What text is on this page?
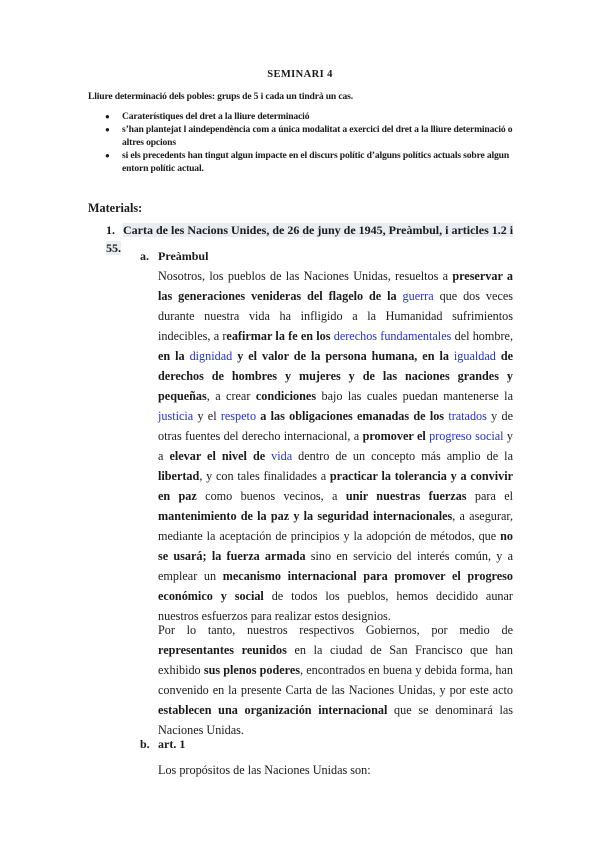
SEMINARI 4
Lliure determinació dels pobles: grups de 5 i cada un tindrà un cas.
● Caraterístiques del dret a la lliure determinació
● s’han plantejat l aindependència com a única modalitat a exercici del dret a la lliure determinació o altres opcions
● si els precedents han tingut algun impacte en el discurs polític d’alguns polítics actuals sobre algun entorn polític actual.
Materials:
1. Carta de les Nacions Unides, de 26 de juny de 1945, Preàmbul, i articles 1.2 i 55.
a. Preàmbul

Nosotros, los pueblos de las Naciones Unidas, resueltos a preservar a las generaciones venideras del flagelo de la guerra que dos veces durante nuestra vida ha infligido a la Humanidad sufrimientos indecibles, a reafirmar la fe en los derechos fundamentales del hombre, en la dignidad y el valor de la persona humana, en la igualdad de derechos de hombres y mujeres y de las naciones grandes y pequeñas, a crear condiciones bajo las cuales puedan mantenerse la justicia y el respeto a las obligaciones emanadas de los tratados y de otras fuentes del derecho internacional, a promover el progreso social y a elevar el nivel de vida dentro de un concepto más amplio de la libertad, y con tales finalidades a practicar la tolerancia y a convivir en paz como buenos vecinos, a unir nuestras fuerzas para el mantenimiento de la paz y la seguridad internacionales, a asegurar, mediante la aceptación de principios y la adopción de métodos, que no se usará; la fuerza armada sino en servicio del interés común, y a emplear un mecanismo internacional para promover el progreso económico y social de todos los pueblos, hemos decidido aunar nuestros esfuerzos para realizar estos designios.

Por lo tanto, nuestros respectivos Gobiernos, por medio de representantes reunidos en la ciudad de San Francisco que han exhibido sus plenos poderes, encontrados en buena y debida forma, han convenido en la presente Carta de las Naciones Unidas, y por este acto establecen una organización internacional que se denominará las Naciones Unidas.

b. art. 1
Los propósitos de las Naciones Unidas son:
